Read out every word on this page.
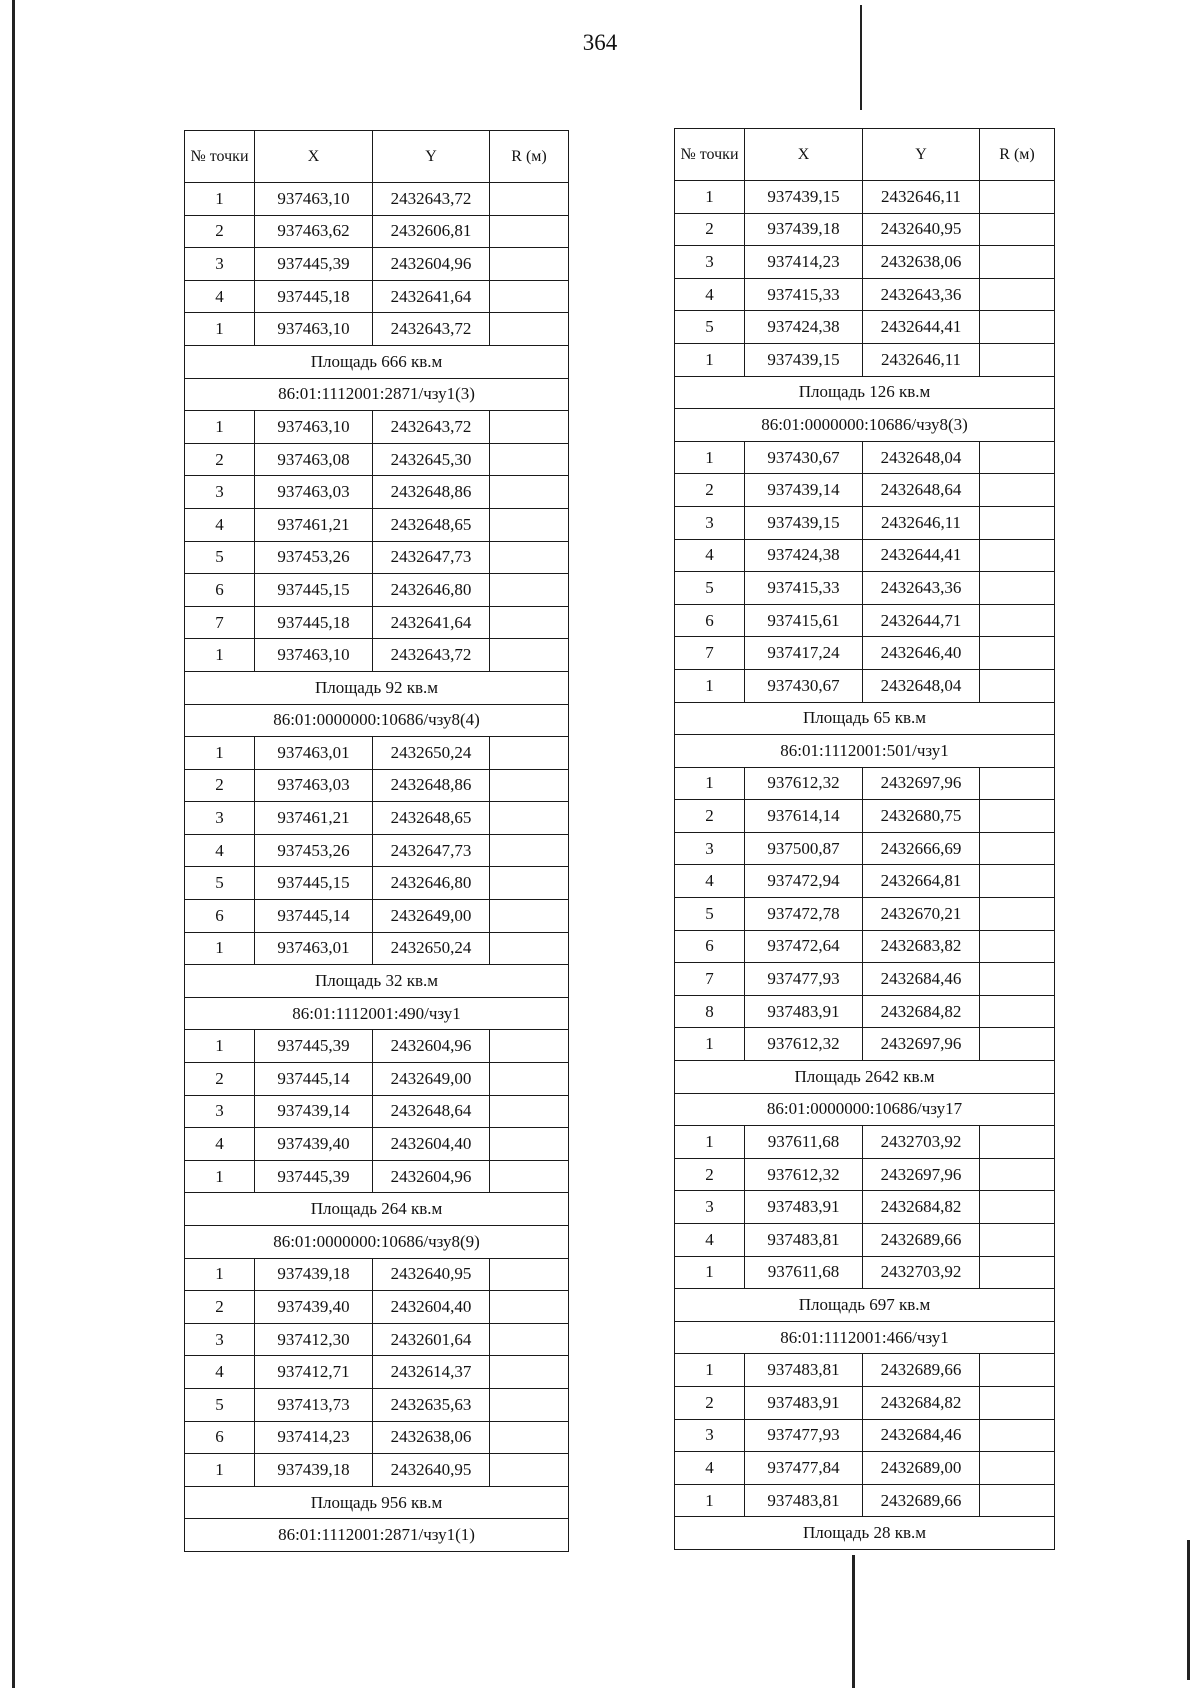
364
№ точки	X	Y	R (м)
1	937463,10	2432643,72	
2	937463,62	2432606,81	
3	937445,39	2432604,96	
4	937445,18	2432641,64	
1	937463,10	2432643,72	
Площадь 666 кв.м			
86:01:1112001:2871/чзу1(3)			
1	937463,10	2432643,72	
2	937463,08	2432645,30	
3	937463,03	2432648,86	
4	937461,21	2432648,65	
5	937453,26	2432647,73	
6	937445,15	2432646,80	
7	937445,18	2432641,64	
1	937463,10	2432643,72	
Площадь 92 кв.м			
86:01:0000000:10686/чзу8(4)			
1	937463,01	2432650,24	
2	937463,03	2432648,86	
3	937461,21	2432648,65	
4	937453,26	2432647,73	
5	937445,15	2432646,80	
6	937445,14	2432649,00	
1	937463,01	2432650,24	
Площадь 32 кв.м			
86:01:1112001:490/чзу1			
1	937445,39	2432604,96	
2	937445,14	2432649,00	
3	937439,14	2432648,64	
4	937439,40	2432604,40	
1	937445,39	2432604,96	
Площадь 264 кв.м			
86:01:0000000:10686/чзу8(9)			
1	937439,18	2432640,95	
2	937439,40	2432604,40	
3	937412,30	2432601,64	
4	937412,71	2432614,37	
5	937413,73	2432635,63	
6	937414,23	2432638,06	
1	937439,18	2432640,95	
Площадь 956 кв.м			
86:01:1112001:2871/чзу1(1)			
№ точки	X	Y	R (м)
1	937439,15	2432646,11	
2	937439,18	2432640,95	
3	937414,23	2432638,06	
4	937415,33	2432643,36	
5	937424,38	2432644,41	
1	937439,15	2432646,11	
Площадь 126 кв.м			
86:01:0000000:10686/чзу8(3)			
1	937430,67	2432648,04	
2	937439,14	2432648,64	
3	937439,15	2432646,11	
4	937424,38	2432644,41	
5	937415,33	2432643,36	
6	937415,61	2432644,71	
7	937417,24	2432646,40	
1	937430,67	2432648,04	
Площадь 65 кв.м			
86:01:1112001:501/чзу1			
1	937612,32	2432697,96	
2	937614,14	2432680,75	
3	937500,87	2432666,69	
4	937472,94	2432664,81	
5	937472,78	2432670,21	
6	937472,64	2432683,82	
7	937477,93	2432684,46	
8	937483,91	2432684,82	
1	937612,32	2432697,96	
Площадь 2642 кв.м			
86:01:0000000:10686/чзу17			
1	937611,68	2432703,92	
2	937612,32	2432697,96	
3	937483,91	2432684,82	
4	937483,81	2432689,66	
1	937611,68	2432703,92	
Площадь 697 кв.м			
86:01:1112001:466/чзу1			
1	937483,81	2432689,66	
2	937483,91	2432684,82	
3	937477,93	2432684,46	
4	937477,84	2432689,00	
1	937483,81	2432689,66	
Площадь 28 кв.м			
